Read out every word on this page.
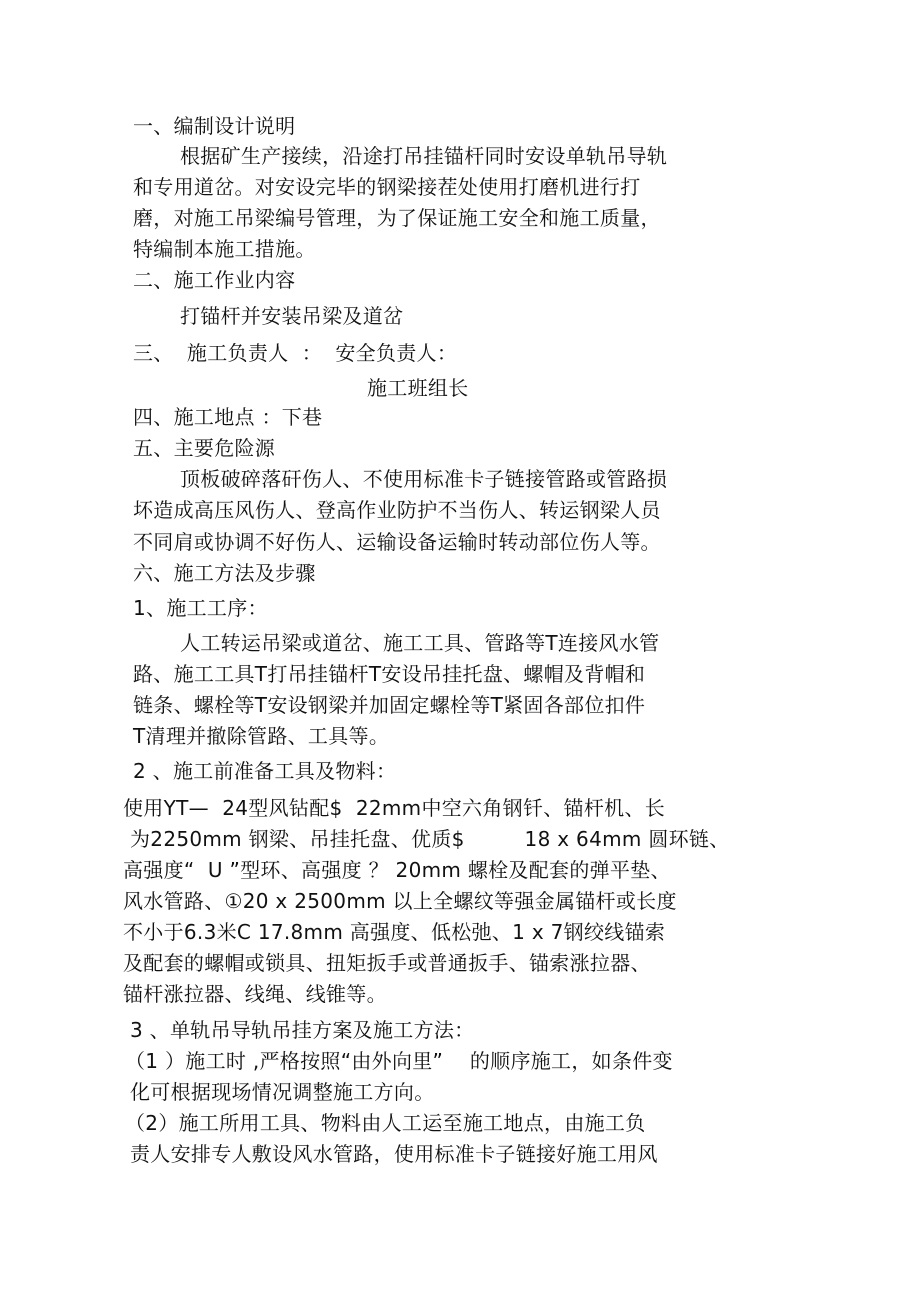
一、编制设计说明
根据矿生产接续，沿途打吊挂锚杆同时安设单轨吊导轨
和专用道岔。对安设完毕的钢梁接茬处使用打磨机进行打
磨，对施工吊梁编号管理，为了保证施工安全和施工质量，
特编制本施工措施。
二、施工作业内容
打锚杆并安装吊梁及道岔
三、  施工负责人  ：  安全负责人：
施工班组长
四、施工地点 ：下巷
五、主要危险源
顶板破碎落矸伤人、不使用标准卡子链接管路或管路损
坏造成高压风伤人、登高作业防护不当伤人、转运钢梁人员
不同肩或协调不好伤人、运输设备运输时转动部位伤人等。
六、施工方法及步骤
1、施工工序：
人工转运吊梁或道岔、施工工具、管路等T连接风水管
路、施工工具T打吊挂锚杆T安设吊挂托盘、螺帽及背帽和
链条、螺栓等T安设钢梁并加固定螺栓等T紧固各部位扣件
T清理并撤除管路、工具等。
2 、施工前准备工具及物料：
使用YT—  24型风钻配$  22mm中空六角钢钎、锚杆机、长
为2250mm 钢梁、吊挂托盘、优质$         18 x 64mm 圆环链、
高强度“  U ”型环、高强度 ？ 20mm 螺栓及配套的弹平垫、
风水管路、①20 x 2500mm 以上全螺纹等强金属锚杆或长度
不小于6.3米C 17.8mm 高强度、低松弛、1 x 7钢绞线锚索
及配套的螺帽或锁具、扭矩扳手或普通扳手、锚索涨拉器、
锚杆涨拉器、线绳、线锥等。
3 、单轨吊导轨吊挂方案及施工方法：
（1 ）施工时 ,严格按照“由外向里”    的顺序施工，如条件变
化可根据现场情况调整施工方向。
（2）施工所用工具、物料由人工运至施工地点，由施工负
责人安排专人敷设风水管路，使用标准卡子链接好施工用风
